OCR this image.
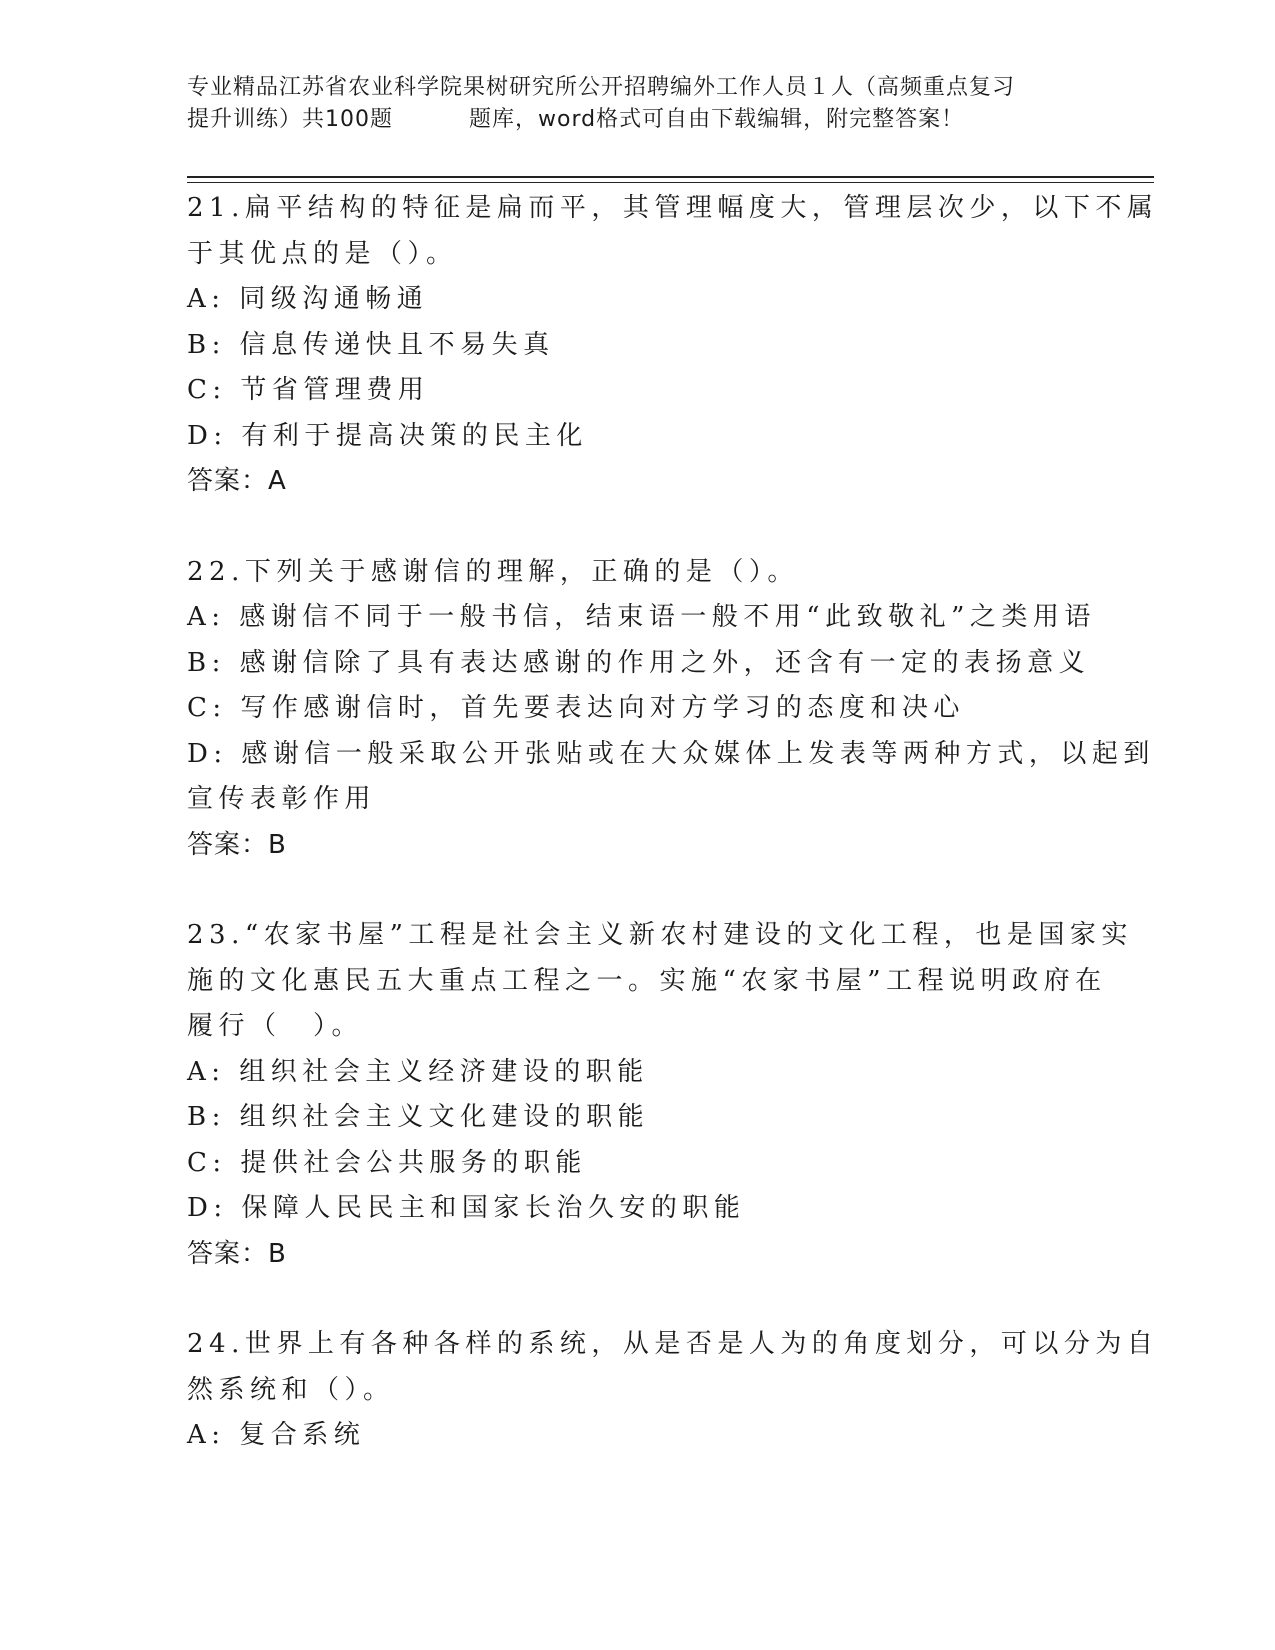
专业精品江苏省农业科学院果树研究所公开招聘编外工作人员１人（高频重点复习
提升训练）共100题	题库，word格式可自由下载编辑，附完整答案！
21.扁平结构的特征是扁而平，其管理幅度大，管理层次少，以下不属
于其优点的是（）。
A: 同级沟通畅通
B: 信息传递快且不易失真
C: 节省管理费用
D: 有利于提高决策的民主化
答案：A
22.下列关于感谢信的理解，正确的是（）。
A: 感谢信不同于一般书信，结束语一般不用“此致敬礼”之类用语
B: 感谢信除了具有表达感谢的作用之外，还含有一定的表扬意义
C: 写作感谢信时，首先要表达向对方学习的态度和决心
D: 感谢信一般采取公开张贴或在大众媒体上发表等两种方式，以起到
宣传表彰作用
答案：B
23.“农家书屋”工程是社会主义新农村建设的文化工程，也是国家实
施的文化惠民五大重点工程之一。实施“农家书屋”工程说明政府在
履行（　）。
A: 组织社会主义经济建设的职能
B: 组织社会主义文化建设的职能
C: 提供社会公共服务的职能
D: 保障人民民主和国家长治久安的职能
答案：B
24.世界上有各种各样的系统，从是否是人为的角度划分，可以分为自
然系统和（）。
A: 复合系统
